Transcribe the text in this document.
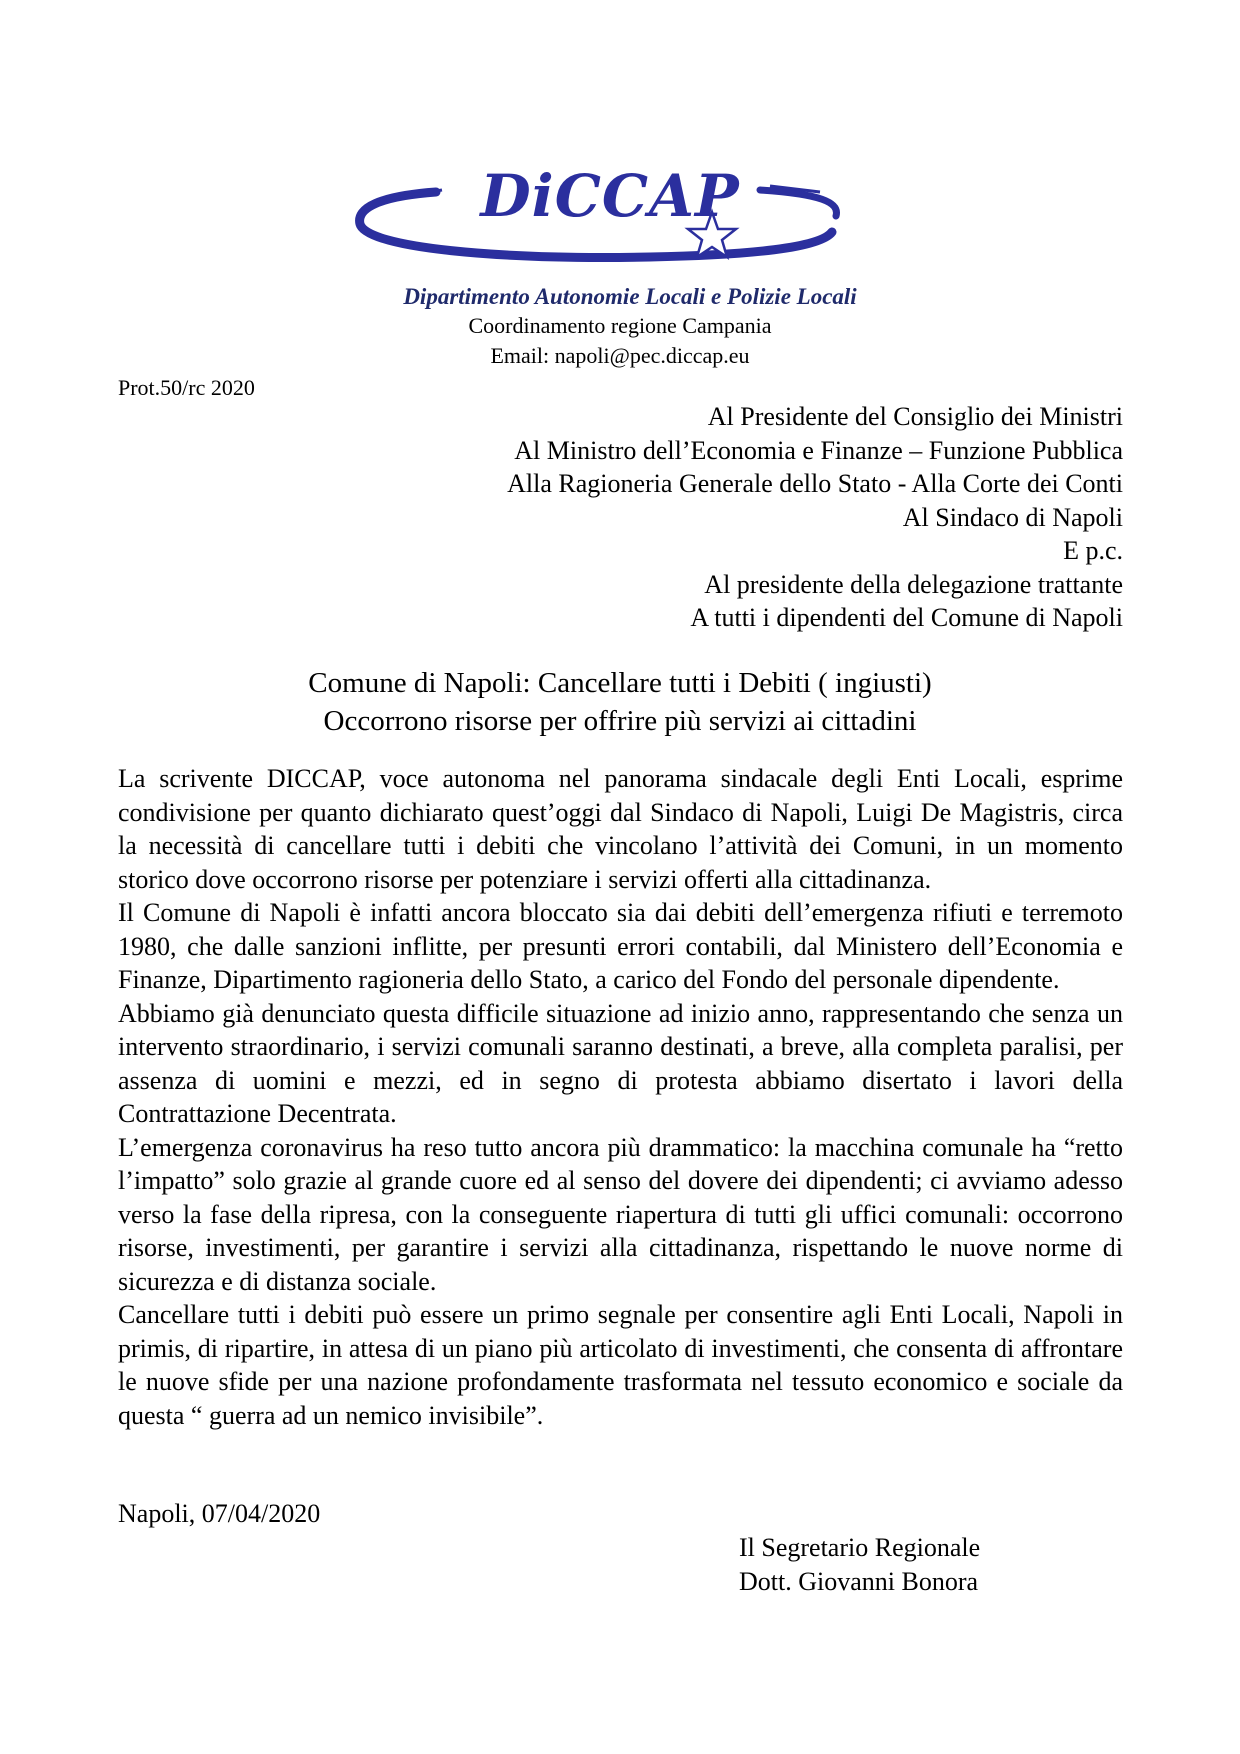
DiCCAP
Dipartimento Autonomie Locali e Polizie Locali
Coordinamento regione Campania
Email: napoli@pec.diccap.eu
Prot.50/rc 2020
Al Presidente del Consiglio dei Ministri
Al Ministro dell’Economia e Finanze – Funzione Pubblica
Alla Ragioneria Generale dello Stato - Alla Corte dei Conti
Al Sindaco di Napoli
E p.c.
Al presidente della delegazione trattante
A tutti i dipendenti del Comune di Napoli
Comune di Napoli: Cancellare tutti i Debiti ( ingiusti)
Occorrono risorse per offrire più servizi ai cittadini

La scrivente DICCAP, voce autonoma nel panorama sindacale degli Enti Locali, esprime condivisione per quanto dichiarato quest’oggi dal Sindaco di Napoli, Luigi De Magistris, circa la necessità di cancellare tutti i debiti che vincolano l’attività dei Comuni, in un momento storico dove occorrono risorse per potenziare i servizi offerti alla cittadinanza.

Il Comune di Napoli è infatti ancora bloccato sia dai debiti dell’emergenza rifiuti e terremoto 1980, che dalle sanzioni inflitte, per presunti errori contabili, dal Ministero dell’Economia e Finanze, Dipartimento ragioneria dello Stato, a carico del Fondo del personale dipendente.

Abbiamo già denunciato questa difficile situazione ad inizio anno, rappresentando che senza un intervento straordinario, i servizi comunali saranno destinati, a breve, alla completa paralisi, per assenza di uomini e mezzi, ed in segno di protesta abbiamo disertato i lavori della Contrattazione Decentrata.

L’emergenza coronavirus ha reso tutto ancora più drammatico: la macchina comunale ha “retto l’impatto” solo grazie al grande cuore ed al senso del dovere dei dipendenti; ci avviamo adesso verso la fase della ripresa, con la conseguente riapertura di tutti gli uffici comunali: occorrono risorse, investimenti, per garantire i servizi alla cittadinanza, rispettando le nuove norme di sicurezza e di distanza sociale.

Cancellare tutti i debiti può essere un primo segnale per consentire agli Enti Locali, Napoli in primis, di ripartire, in attesa di un piano più articolato di investimenti, che consenta di affrontare le nuove sfide per una nazione profondamente trasformata nel tessuto economico e sociale da questa “ guerra ad un nemico invisibile”.

Napoli, 07/04/2020
Il Segretario Regionale
Dott. Giovanni Bonora
